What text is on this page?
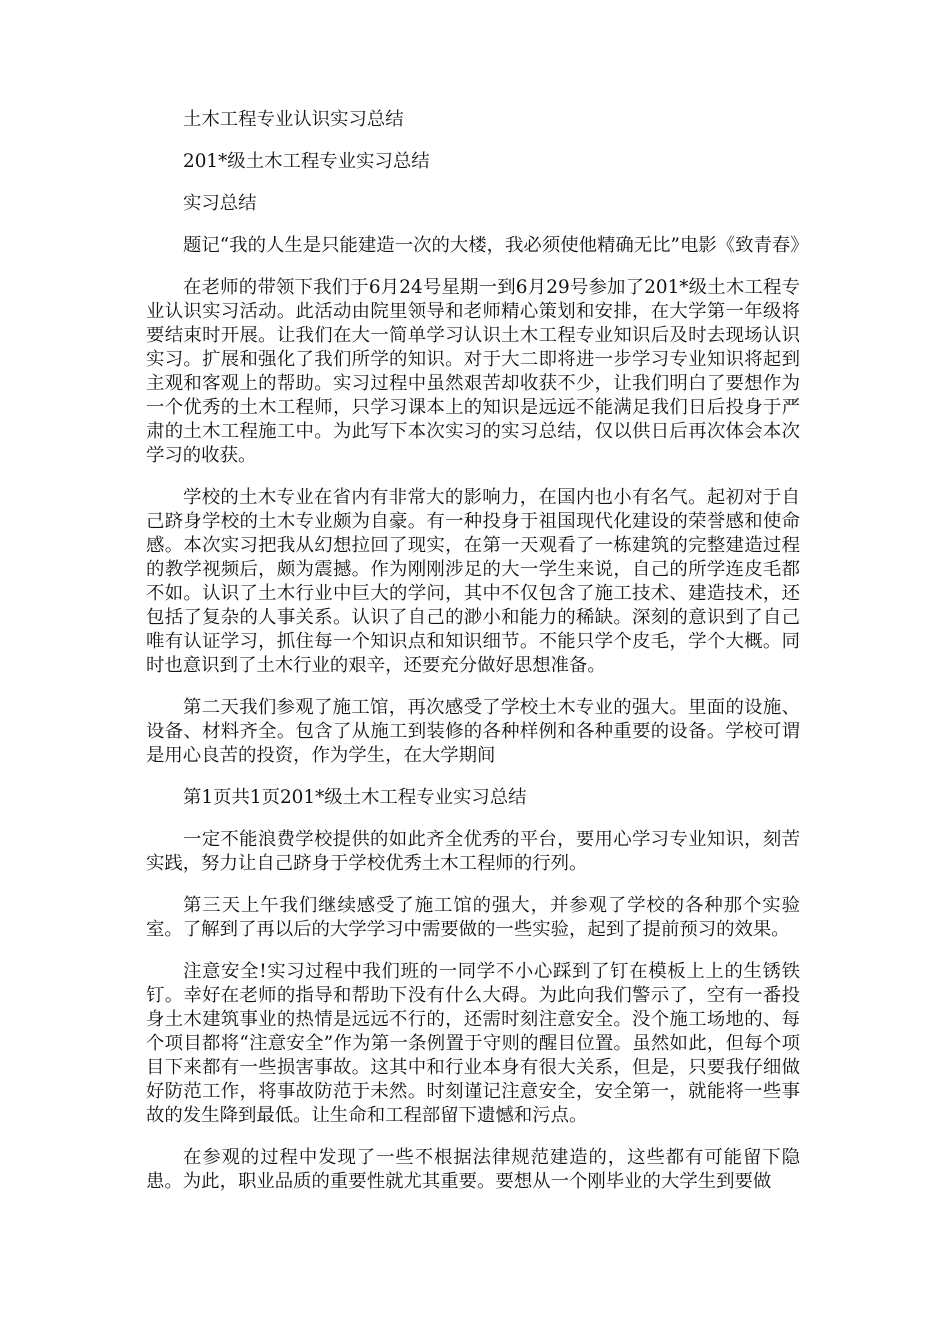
土木工程专业认识实习总结

201*级土木工程专业实习总结

实习总结

题记“我的人生是只能建造一次的大楼，我必须使他精确无比”电影《致青春》

在老师的带领下我们于6月24号星期一到6月29号参加了201*级土木工程专业认识实习活动。此活动由院里领导和老师精心策划和安排，在大学第一年级将要结束时开展。让我们在大一简单学习认识土木工程专业知识后及时去现场认识实习。扩展和强化了我们所学的知识。对于大二即将进一步学习专业知识将起到主观和客观上的帮助。实习过程中虽然艰苦却收获不少，让我们明白了要想作为一个优秀的土木工程师，只学习课本上的知识是远远不能满足我们日后投身于严肃的土木工程施工中。为此写下本次实习的实习总结，仅以供日后再次体会本次学习的收获。

学校的土木专业在省内有非常大的影响力，在国内也小有名气。起初对于自己跻身学校的土木专业颇为自豪。有一种投身于祖国现代化建设的荣誉感和使命感。本次实习把我从幻想拉回了现实，在第一天观看了一栋建筑的完整建造过程的教学视频后，颇为震撼。作为刚刚涉足的大一学生来说，自己的所学连皮毛都不如。认识了土木行业中巨大的学问，其中不仅包含了施工技术、建造技术，还包括了复杂的人事关系。认识了自己的渺小和能力的稀缺。深刻的意识到了自己唯有认证学习，抓住每一个知识点和知识细节。不能只学个皮毛，学个大概。同时也意识到了土木行业的艰辛，还要充分做好思想准备。

第二天我们参观了施工馆，再次感受了学校土木专业的强大。里面的设施、设备、材料齐全。包含了从施工到装修的各种样例和各种重要的设备。学校可谓是用心良苦的投资，作为学生，在大学期间

第1页共1页201*级土木工程专业实习总结

一定不能浪费学校提供的如此齐全优秀的平台，要用心学习专业知识，刻苦实践，努力让自己跻身于学校优秀土木工程师的行列。

第三天上午我们继续感受了施工馆的强大，并参观了学校的各种那个实验室。了解到了再以后的大学学习中需要做的一些实验，起到了提前预习的效果。

注意安全!实习过程中我们班的一同学不小心踩到了钉在模板上上的生锈铁钉。幸好在老师的指导和帮助下没有什么大碍。为此向我们警示了，空有一番投身土木建筑事业的热情是远远不行的，还需时刻注意安全。没个施工场地的、每个项目都将“注意安全”作为第一条例置于守则的醒目位置。虽然如此，但每个项目下来都有一些损害事故。这其中和行业本身有很大关系，但是，只要我仔细做好防范工作，将事故防范于未然。时刻谨记注意安全，安全第一，就能将一些事故的发生降到最低。让生命和工程部留下遗憾和污点。

在参观的过程中发现了一些不根据法律规范建造的，这些都有可能留下隐患。为此，职业品质的重要性就尤其重要。要想从一个刚毕业的大学生到要做
